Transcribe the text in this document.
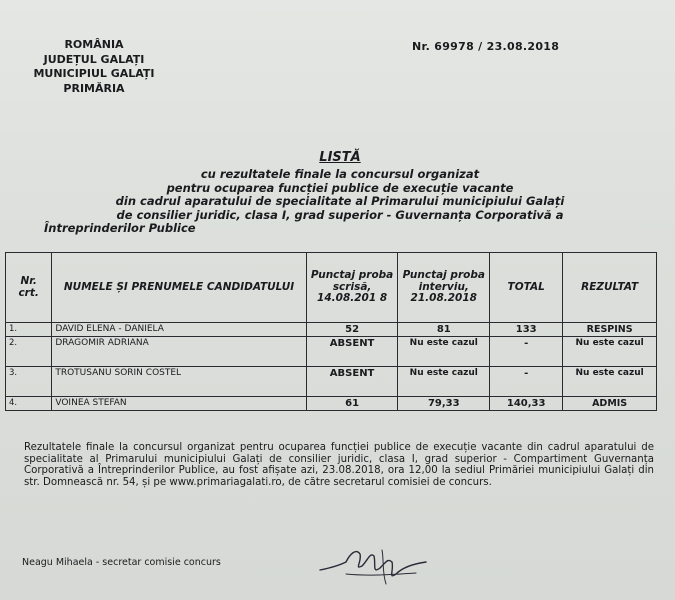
ROMÂNIA
JUDEȚUL GALAȚI
MUNICIPIUL GALAȚI
PRIMĂRIA
Nr. 69978 / 23.08.2018
LISTĂ
cu rezultatele finale la concursul organizat
pentru ocuparea funcției publice de execuție vacante
din cadrul aparatului de specialitate al Primarului municipiului Galați
de consilier juridic, clasa I, grad superior - Guvernanța Corporativă a
Întreprinderilor Publice
Nr. crt.	NUMELE ȘI PRENUMELE CANDIDATULUI	Punctaj proba scrisă, 14.08.201 8	Punctaj proba interviu, 21.08.2018	TOTAL	REZULTAT
1.	DAVID ELENA - DANIELA	52	81	133	RESPINS
2.	DRAGOMIR ADRIANA	ABSENT	Nu este cazul	-	Nu este cazul
3.	TROTUSANU SORIN COSTEL	ABSENT	Nu este cazul	-	Nu este cazul
4.	VOINEA STEFAN	61	79,33	140,33	ADMIS
Rezultatele finale la concursul organizat pentru ocuparea funcției publice de execuție vacante din cadrul aparatului de specialitate al Primarului municipiului Galați de consilier juridic, clasa I, grad superior - Compartiment Guvernanța Corporativă a Întreprinderilor Publice, au fost afișate azi, 23.08.2018, ora 12,00 la sediul Primăriei municipiului Galați din str. Domnească nr. 54, și pe www.primariagalati.ro, de către secretarul comisiei de concurs.
Neagu Mihaela - secretar comisie concurs
